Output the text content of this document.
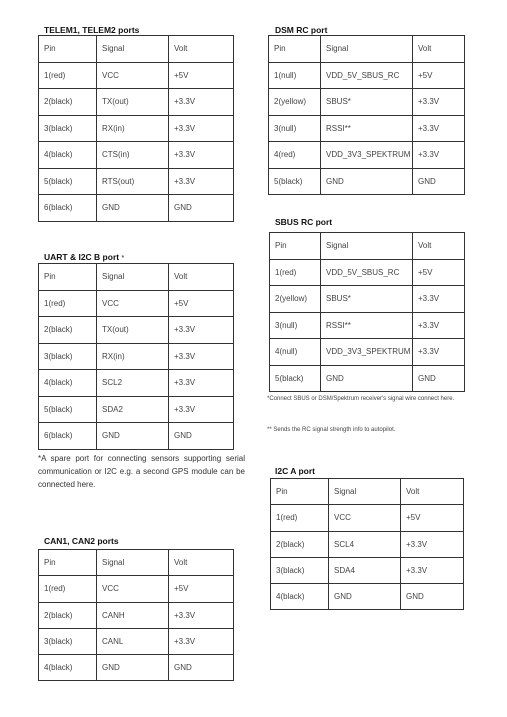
TELEM1, TELEM2 ports
Pin	Signal	Volt
1(red)	VCC	+5V
2(black)	TX(out)	+3.3V
3(black)	RX(in)	+3.3V
4(black)	CTS(in)	+3.3V
5(black)	RTS(out)	+3.3V
6(black)	GND	GND
UART & I2C B port *
Pin	Signal	Volt
1(red)	VCC	+5V
2(black)	TX(out)	+3.3V
3(black)	RX(in)	+3.3V
4(black)	SCL2	+3.3V
5(black)	SDA2	+3.3V
6(black)	GND	GND
*A spare port for connecting sensors supporting serial communication or I2C e.g. a second GPS module can be connected here.
CAN1, CAN2 ports
Pin	Signal	Volt
1(red)	VCC	+5V
2(black)	CANH	+3.3V
3(black)	CANL	+3.3V
4(black)	GND	GND
DSM RC port
Pin	Signal	Volt
1(null)	VDD_5V_SBUS_RC	+5V
2(yellow)	SBUS*	+3.3V
3(null)	RSSI**	+3.3V
4(red)	VDD_3V3_SPEKTRUM	+3.3V
5(black)	GND	GND
SBUS RC port
Pin	Signal	Volt
1(red)	VDD_5V_SBUS_RC	+5V
2(yellow)	SBUS*	+3.3V
3(null)	RSSI**	+3.3V
4(null)	VDD_3V3_SPEKTRUM	+3.3V
5(black)	GND	GND
*Connect SBUS or DSM/Spektrum receiver's signal wire connect here.
** Sends the RC signal strength info to autopilot.
I2C A port
Pin	Signal	Volt
1(red)	VCC	+5V
2(black)	SCL4	+3.3V
3(black)	SDA4	+3.3V
4(black)	GND	GND
